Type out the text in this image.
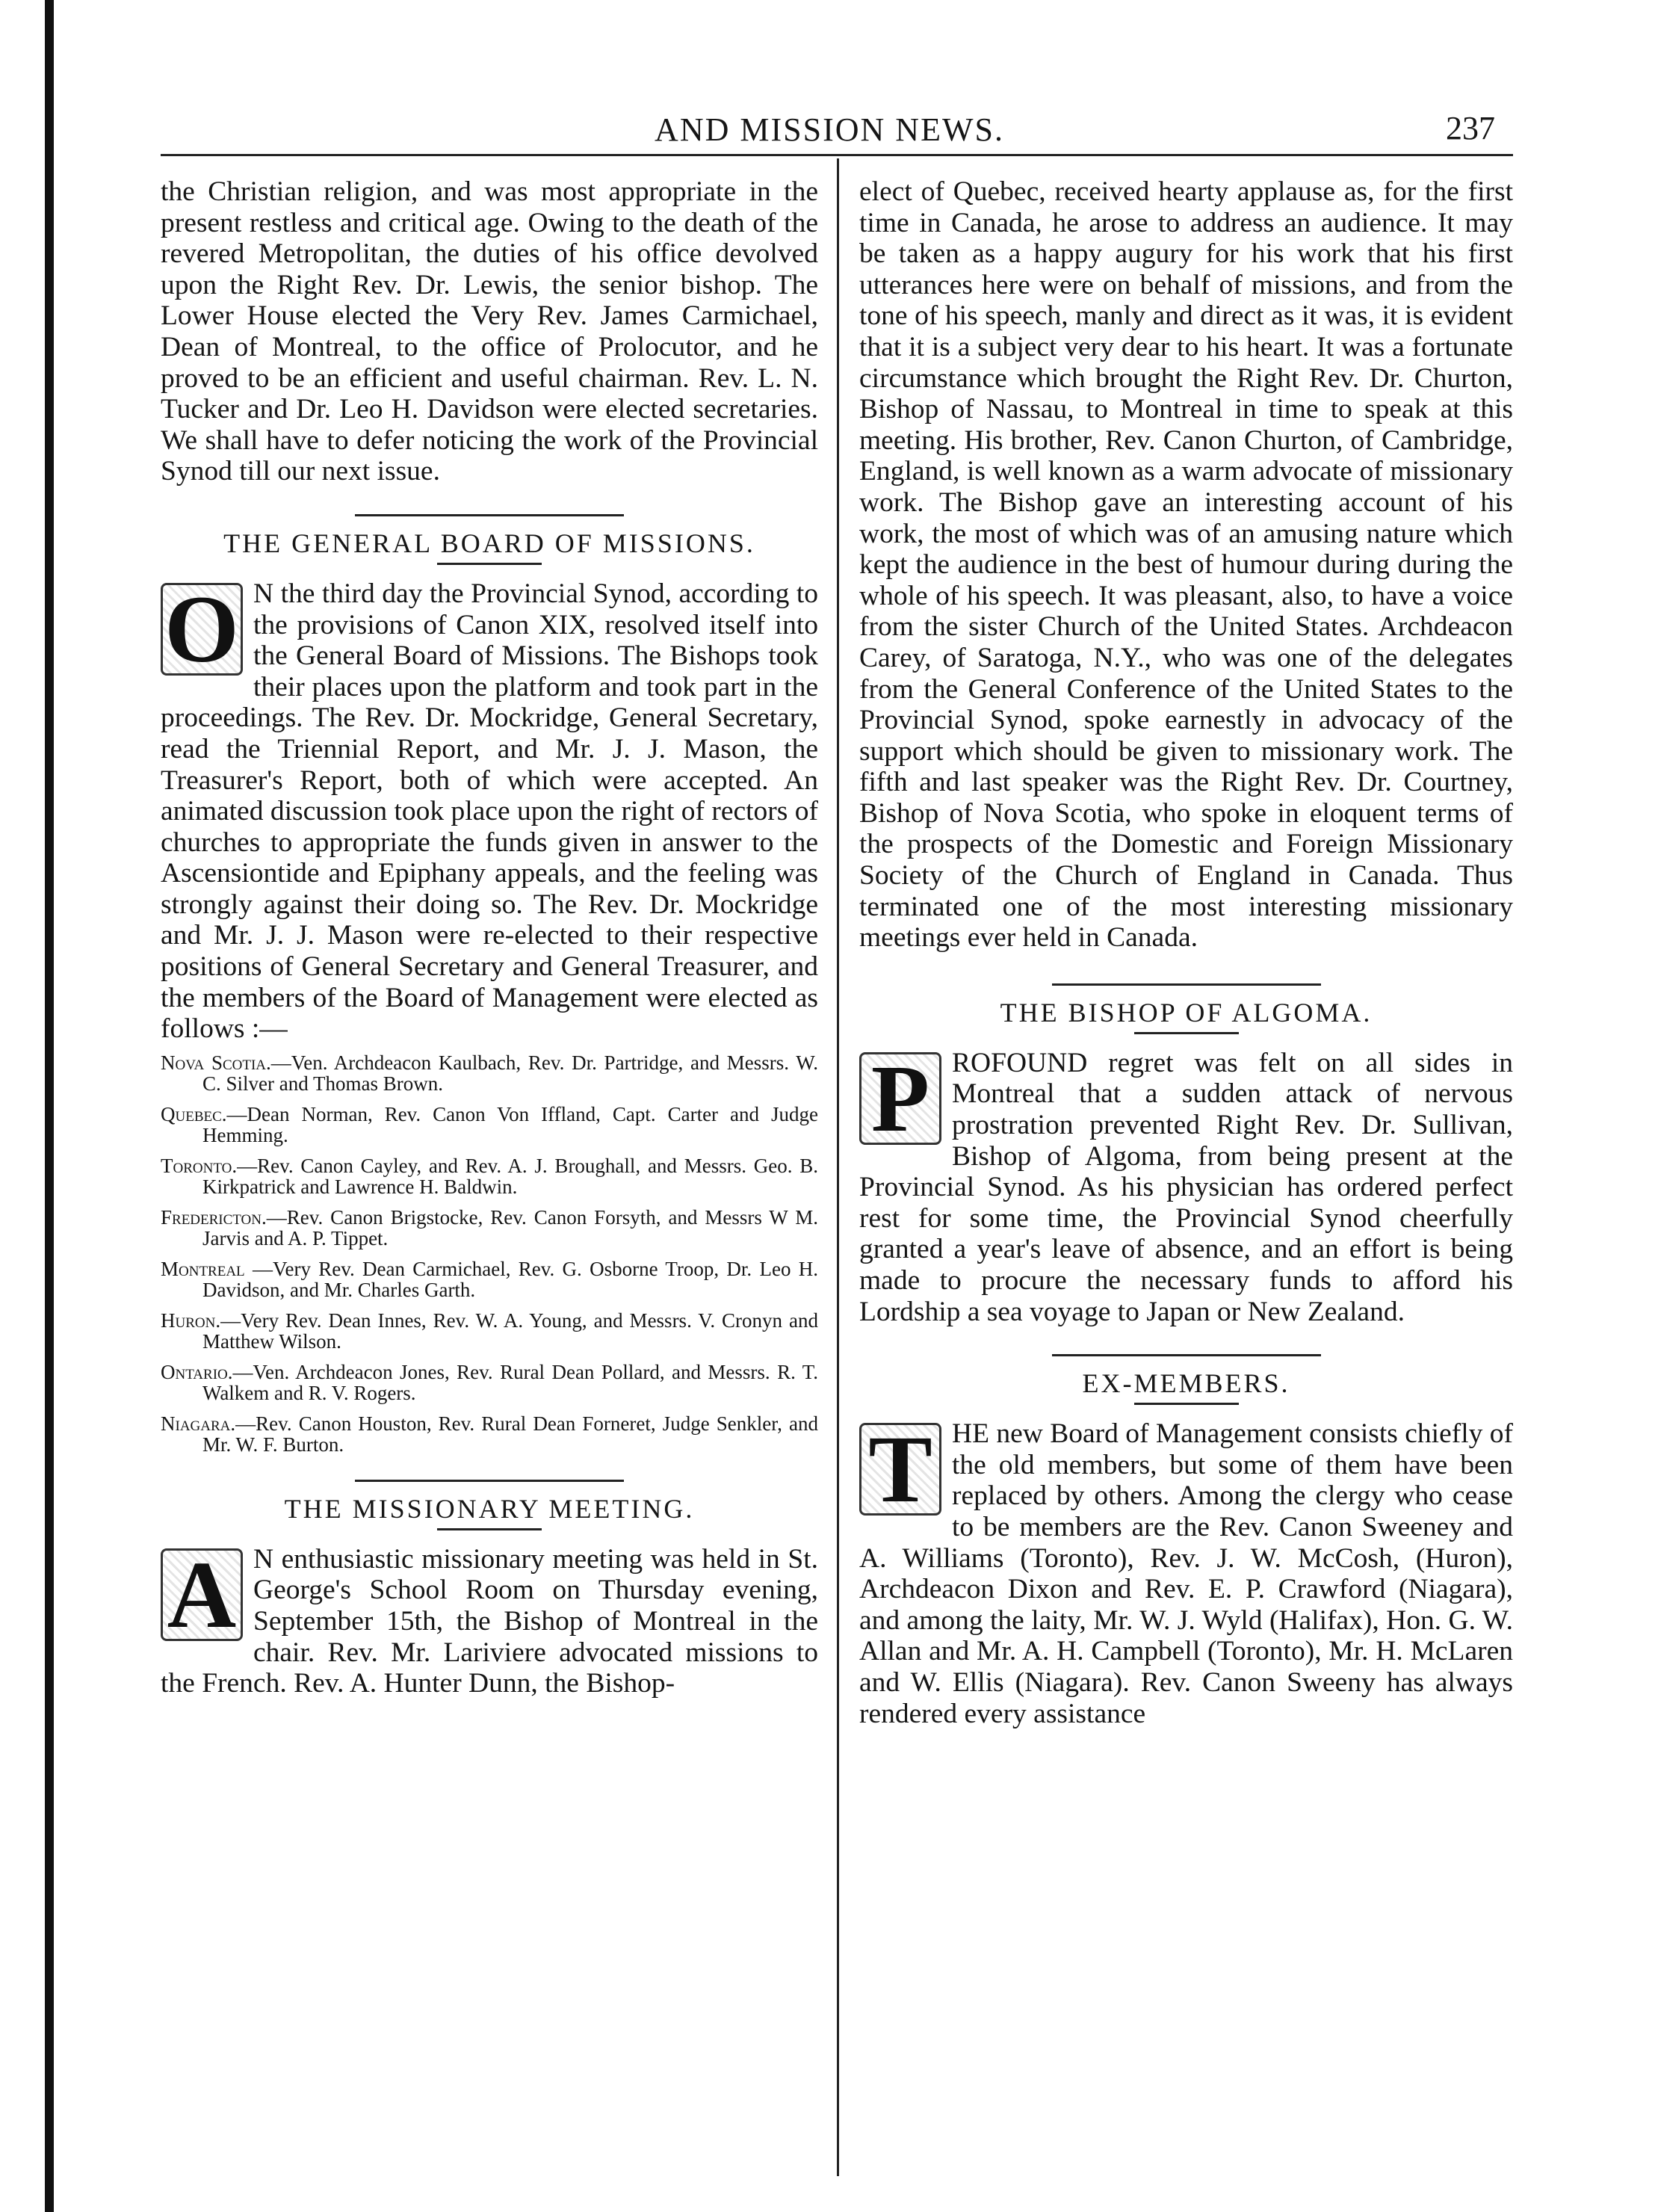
AND MISSION NEWS.	237

the Christian religion, and was most appropriate in the present restless and critical age. Owing to the death of the revered Metropolitan, the duties of his office devolved upon the Right Rev. Dr. Lewis, the senior bishop. The Lower House elected the Very Rev. James Carmichael, Dean of Montreal, to the office of Prolocutor, and he proved to be an efficient and useful chairman. Rev. L. N. Tucker and Dr. Leo H. Davidson were elected secretaries. We shall have to defer noticing the work of the Provincial Synod till our next issue.

THE GENERAL BOARD OF MISSIONS.
O N the third day the Provincial Synod, according to the provisions of Canon XIX, resolved itself into the General Board of Missions. The Bishops took their places upon the platform and took part in the proceedings. The Rev. Dr. Mockridge, General Secretary, read the Triennial Report, and Mr. J. J. Mason, the Treasurer's Report, both of which were accepted. An animated discussion took place upon the right of rectors of churches to appropriate the funds given in answer to the Ascensiontide and Epiphany appeals, and the feeling was strongly against their doing so. The Rev. Dr. Mockridge and Mr. J. J. Mason were re-elected to their respective positions of General Secretary and General Treasurer, and the members of the Board of Management were elected as follows :—

Nova Scotia.—Ven. Archdeacon Kaulbach, Rev. Dr. Partridge, and Messrs. W. C. Silver and Thomas Brown.
Quebec.—Dean Norman, Rev. Canon Von Iffland, Capt. Carter and Judge Hemming.
Toronto.—Rev. Canon Cayley, and Rev. A. J. Broughall, and Messrs. Geo. B. Kirkpatrick and Lawrence H. Baldwin.
Fredericton.—Rev. Canon Brigstocke, Rev. Canon Forsyth, and Messrs W M. Jarvis and A. P. Tippet.
Montreal —Very Rev. Dean Carmichael, Rev. G. Osborne Troop, Dr. Leo H. Davidson, and Mr. Charles Garth.
Huron.—Very Rev. Dean Innes, Rev. W. A. Young, and Messrs. V. Cronyn and Matthew Wilson.
Ontario.—Ven. Archdeacon Jones, Rev. Rural Dean Pollard, and Messrs. R. T. Walkem and R. V. Rogers.
Niagara.—Rev. Canon Houston, Rev. Rural Dean Forneret, Judge Senkler, and Mr. W. F. Burton.
THE MISSIONARY MEETING.
A N enthusiastic missionary meeting was held in St. George's School Room on Thursday evening, September 15th, the Bishop of Montreal in the chair. Rev. Mr. Lariviere advocated missions to the French. Rev. A. Hunter Dunn, the Bishop-

elect of Quebec, received hearty applause as, for the first time in Canada, he arose to address an audience. It may be taken as a happy augury for his work that his first utterances here were on behalf of missions, and from the tone of his speech, manly and direct as it was, it is evident that it is a subject very dear to his heart. It was a fortunate circumstance which brought the Right Rev. Dr. Churton, Bishop of Nassau, to Montreal in time to speak at this meeting. His brother, Rev. Canon Churton, of Cambridge, England, is well known as a warm advocate of missionary work. The Bishop gave an interesting account of his work, the most of which was of an amusing nature which kept the audience in the best of humour during during the whole of his speech. It was pleasant, also, to have a voice from the sister Church of the United States. Archdeacon Carey, of Saratoga, N.Y., who was one of the delegates from the General Conference of the United States to the Provincial Synod, spoke earnestly in advocacy of the support which should be given to missionary work. The fifth and last speaker was the Right Rev. Dr. Courtney, Bishop of Nova Scotia, who spoke in eloquent terms of the prospects of the Domestic and Foreign Missionary Society of the Church of England in Canada. Thus terminated one of the most interesting missionary meetings ever held in Canada.

THE BISHOP OF ALGOMA.
P ROFOUND regret was felt on all sides in Montreal that a sudden attack of nervous prostration prevented Right Rev. Dr. Sullivan, Bishop of Algoma, from being present at the Provincial Synod. As his physician has ordered perfect rest for some time, the Provincial Synod cheerfully granted a year's leave of absence, and an effort is being made to procure the necessary funds to afford his Lordship a sea voyage to Japan or New Zealand.

EX-MEMBERS.
T HE new Board of Management consists chiefly of the old members, but some of them have been replaced by others. Among the clergy who cease to be members are the Rev. Canon Sweeney and A. Williams (Toronto), Rev. J. W. McCosh, (Huron), Archdeacon Dixon and Rev. E. P. Crawford (Niagara), and among the laity, Mr. W. J. Wyld (Halifax), Hon. G. W. Allan and Mr. A. H. Campbell (Toronto), Mr. H. McLaren and W. Ellis (Niagara). Rev. Canon Sweeny has always rendered every assistance
